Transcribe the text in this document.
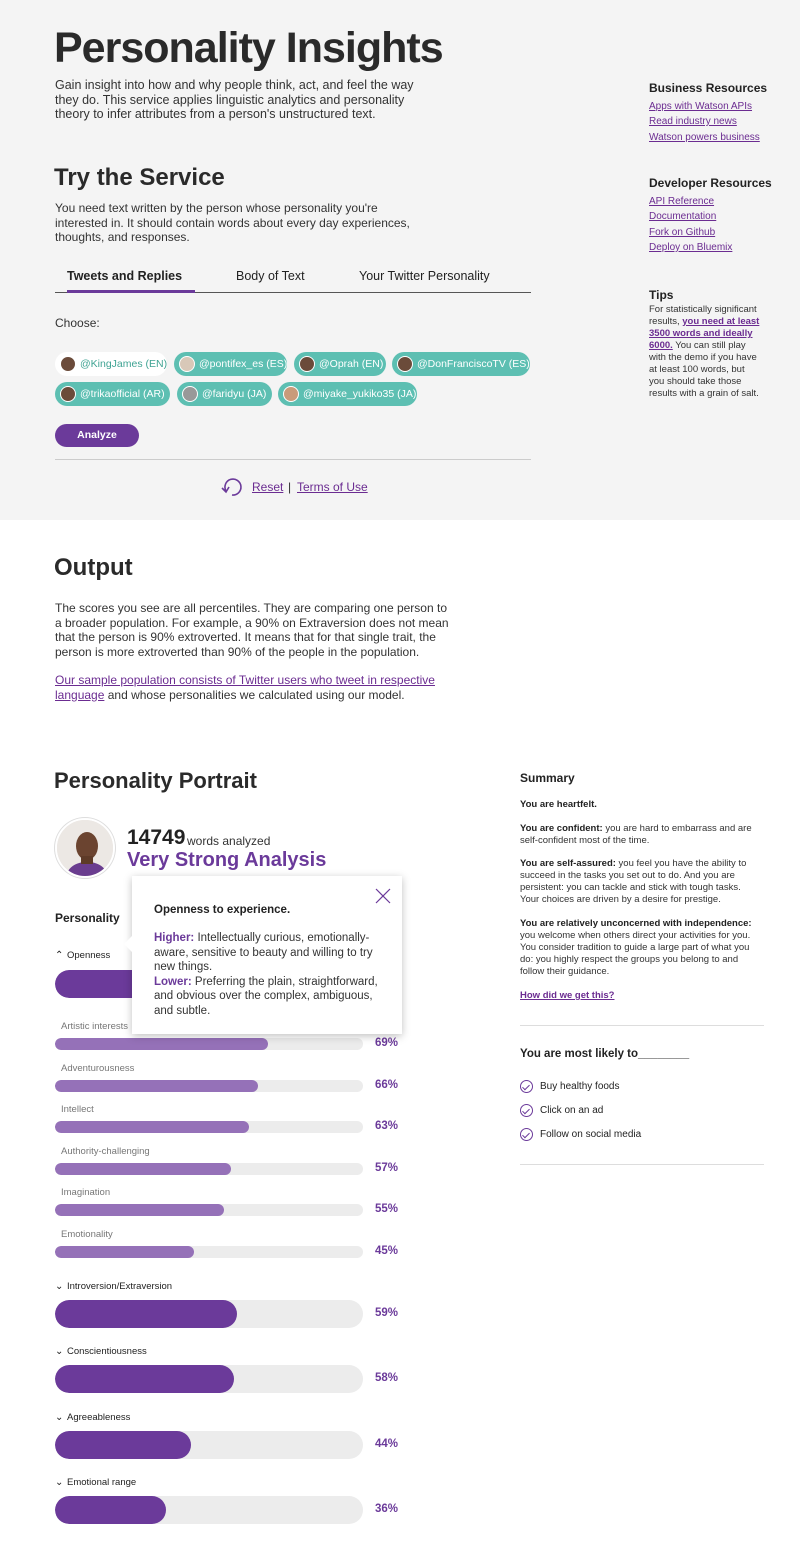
Personality Insights
Gain insight into how and why people think, act, and feel the way they do. This service applies linguistic analytics and personality theory to infer attributes from a person's unstructured text.
Try the Service
You need text written by the person whose personality you're interested in. It should contain words about every day experiences, thoughts, and responses.
Tweets and Replies	Body of Text	Your Twitter Personality
Choose:
@KingJames (EN)	@pontifex_es (ES)	@Oprah (EN)	@DonFranciscoTV (ES)
@trikaofficial (AR)	@faridyu (JA)	@miyake_yukiko35 (JA)
Analyze
Reset | Terms of Use
Business Resources
Apps with Watson APIs
Read industry news
Watson powers business
Developer Resources
API Reference
Documentation
Fork on Github
Deploy on Bluemix
Tips
For statistically significant results, you need at least 3500 words and ideally 6000. You can still play with the demo if you have at least 100 words, but you should take those results with a grain of salt.
Output
The scores you see are all percentiles. They are comparing one person to a broader population. For example, a 90% on Extraversion does not mean that the person is 90% extroverted. It means that for that single trait, the person is more extroverted than 90% of the people in the population.
Our sample population consists of Twitter users who tweet in respective language and whose personalities we calculated using our model.
Personality Portrait
14749 words analyzed
Very Strong Analysis
Personality
⌃ Openness
Artistic interests
69%
Adventurousness
66%
Intellect
63%
Authority-challenging
57%
Imagination
55%
Emotionality
45%
⌄ Introversion/Extraversion
59%
⌄ Conscientiousness
58%
⌄ Agreeableness
44%
⌄ Emotional range
36%
Openness to experience.
Higher: Intellectually curious, emotionally-aware, sensitive to beauty and willing to try new things.
Lower: Preferring the plain, straightforward, and obvious over the complex, ambiguous, and subtle.
Summary
You are heartfelt.
You are confident: you are hard to embarrass and are self-confident most of the time.
You are self-assured: you feel you have the ability to succeed in the tasks you set out to do. And you are persistent: you can tackle and stick with tough tasks. Your choices are driven by a desire for prestige.
You are relatively unconcerned with independence: you welcome when others direct your activities for you. You consider tradition to guide a large part of what you do: you highly respect the groups you belong to and follow their guidance.
How did we get this?
You are most likely to________
Buy healthy foods
Click on an ad
Follow on social media
